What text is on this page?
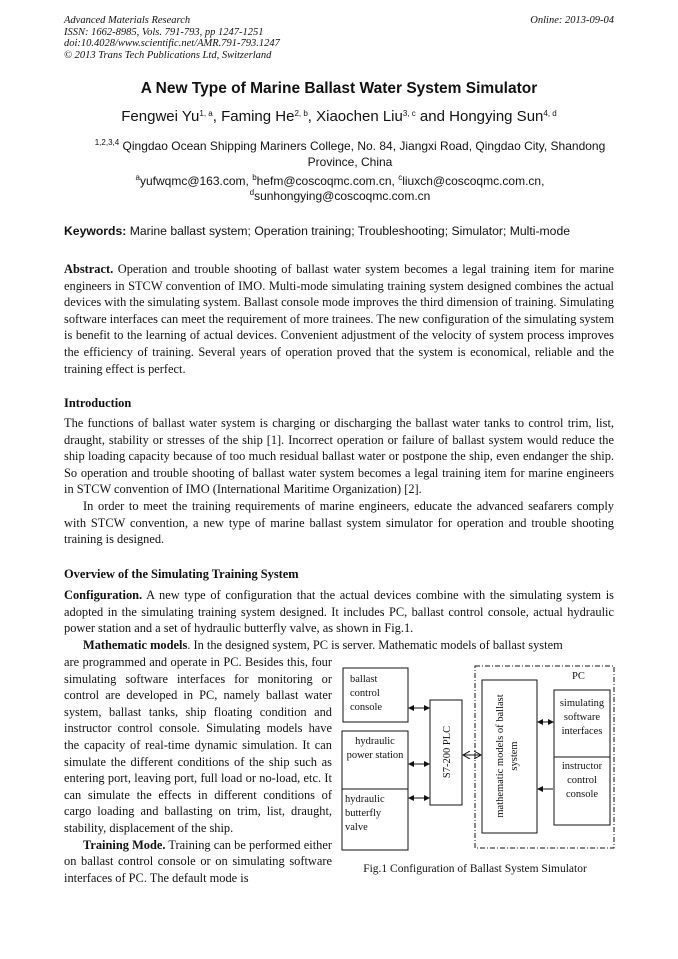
Advanced Materials Research
ISSN: 1662-8985, Vols. 791-793, pp 1247-1251
doi:10.4028/www.scientific.net/AMR.791-793.1247
© 2013 Trans Tech Publications Ltd, Switzerland
Online: 2013-09-04
A New Type of Marine Ballast Water System Simulator
Fengwei Yu$^{1, a}$, Faming He$^{2, b}$, Xiaochen Liu$^{3, c}$ and Hongying Sun$^{4, d}$
$^{1,2,3,4}$ Qingdao Ocean Shipping Mariners College, No. 84, Jiangxi Road, Qingdao City, Shandong Province, China
$^a$yufwqmc@163.com, $^b$hefm@coscoqmc.com.cn, $^c$liuxch@coscoqmc.com.cn,
$^d$sunhongying@coscoqmc.com.cn
Keywords: Marine ballast system; Operation training; Troubleshooting; Simulator; Multi-mode
Abstract. Operation and trouble shooting of ballast water system becomes a legal training item for marine engineers in STCW convention of IMO. Multi-mode simulating training system designed combines the actual devices with the simulating system. Ballast console mode improves the third dimension of training. Simulating software interfaces can meet the requirement of more trainees. The new configuration of the simulating system is benefit to the learning of actual devices. Convenient adjustment of the velocity of system process improves the efficiency of training. Several years of operation proved that the system is economical, reliable and the training effect is perfect.
Introduction

The functions of ballast water system is charging or discharging the ballast water tanks to control trim, list, draught, stability or stresses of the ship [1]. Incorrect operation or failure of ballast system would reduce the ship loading capacity because of too much residual ballast water or postpone the ship, even endanger the ship. So operation and trouble shooting of ballast water system becomes a legal training item for marine engineers in STCW convention of IMO (International Maritime Organization) [2].

In order to meet the training requirements of marine engineers, educate the advanced seafarers comply with STCW convention, a new type of marine ballast system simulator for operation and trouble shooting training is designed.

Overview of the Simulating Training System
Configuration. A new type of configuration that the actual devices combine with the simulating system is adopted in the simulating training system designed. It includes PC, ballast control console, actual hydraulic power station and a set of hydraulic butterfly valve, as shown in Fig.1.
Mathematic models. In the designed system, PC is server. Mathematic models of ballast system

are programmed and operate in PC. Besides this, four simulating software interfaces for monitoring or control are developed in PC, namely ballast water system, ballast tanks, ship floating condition and instructor control console. Simulating models have the capacity of real-time dynamic simulation. It can simulate the different conditions of the ship such as entering port, leaving port, full load or no-load, etc. It can simulate the effects in different conditions of cargo loading and ballasting on trim, list, draught, stability, displacement of the ship.

Training Mode. Training can be performed either on ballast control console or on simulating software interfaces of PC. The default mode is

ballast
control
console
hydraulic
power station
hydraulic
butterfly
valve
S7-200 PLC	mathematic models of ballast system
PC
simulating
software
interfaces
instructor
control
console
Fig.1 Configuration of Ballast System Simulator
